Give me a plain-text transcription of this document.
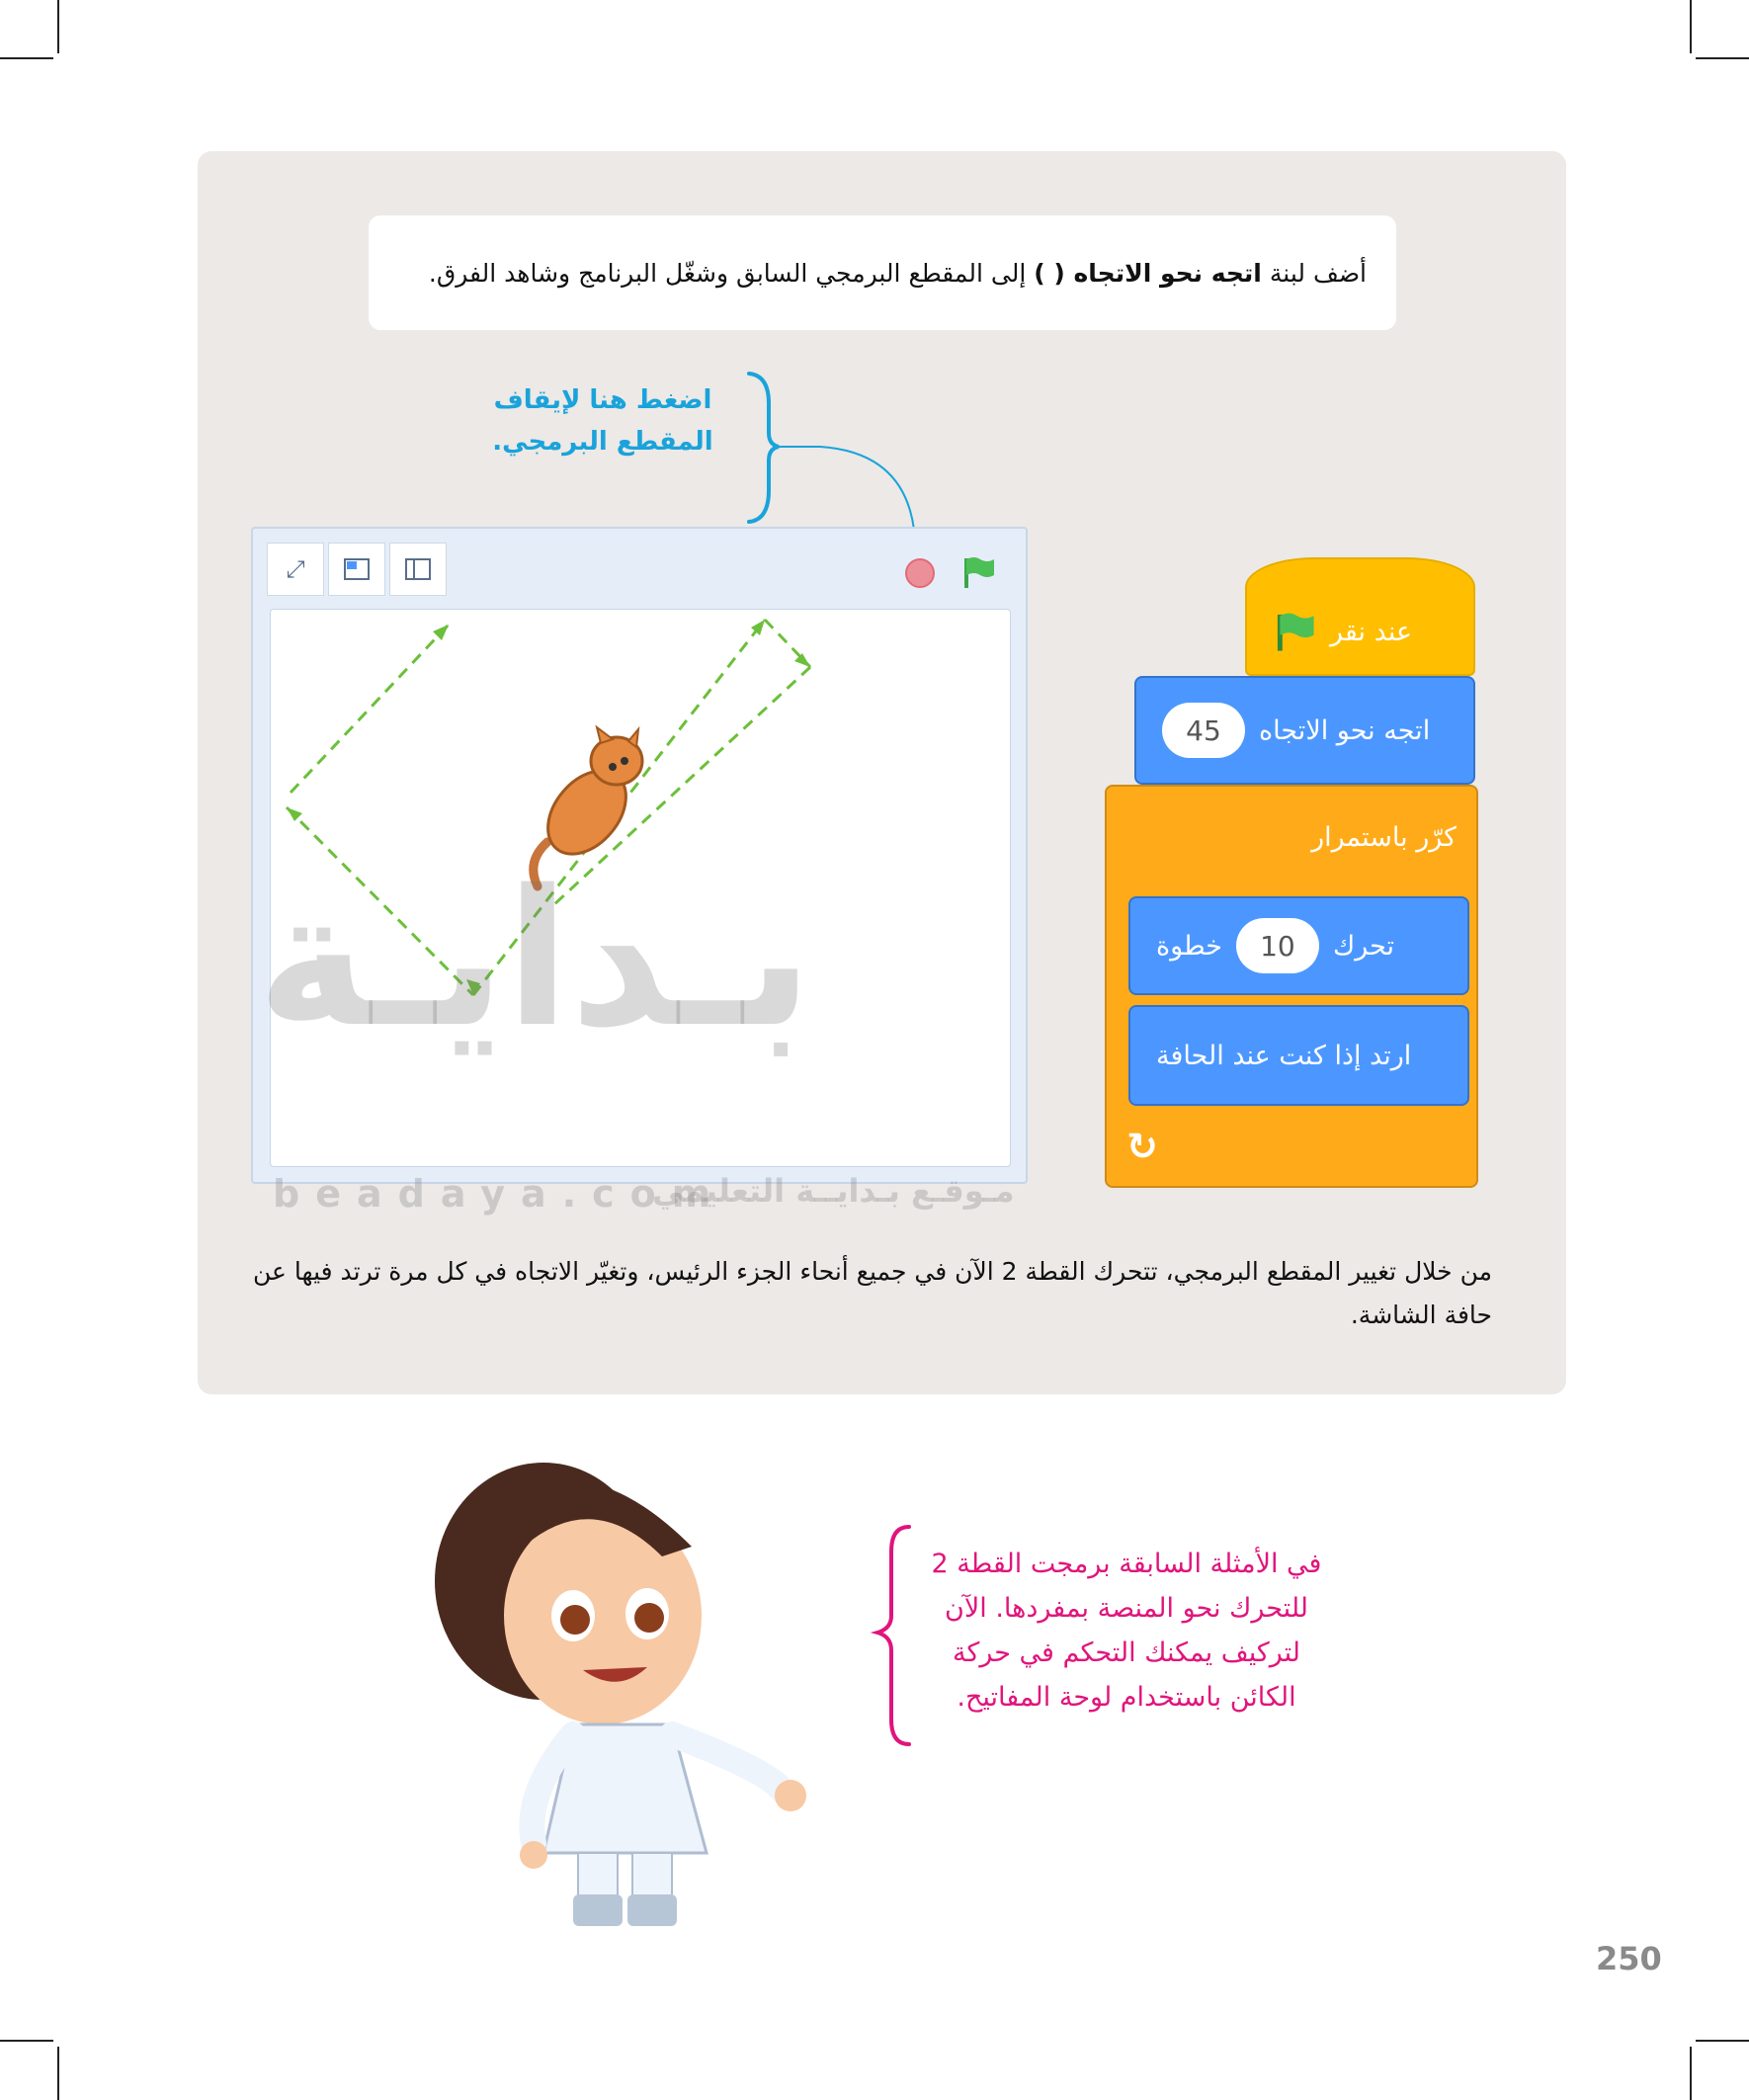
أضف لبنة
اتجه نحو الاتجاه ( )
إلى المقطع البرمجي السابق وشغّل البرنامج وشاهد الفرق.
اضغط هنا لإيقاف
المقطع البرمجي.
⤢
بـدايـة
beadaya.com
مـوقـع بـدايــة التعليمي
عند نقر
اتجه نحو الاتجاه
45
كرّر باستمرار
↻
تحرك
10
خطوة
ارتد إذا كنت عند الحافة
من خلال تغيير المقطع البرمجي، تتحرك القطة 2 الآن في جميع أنحاء الجزء الرئيس، وتغيّر الاتجاه في كل مرة ترتد فيها عن حافة الشاشة.
في الأمثلة السابقة برمجت القطة 2
للتحرك نحو المنصة بمفردها. الآن
لتركيف يمكنك التحكم في حركة
الكائن باستخدام لوحة المفاتيح.
250
